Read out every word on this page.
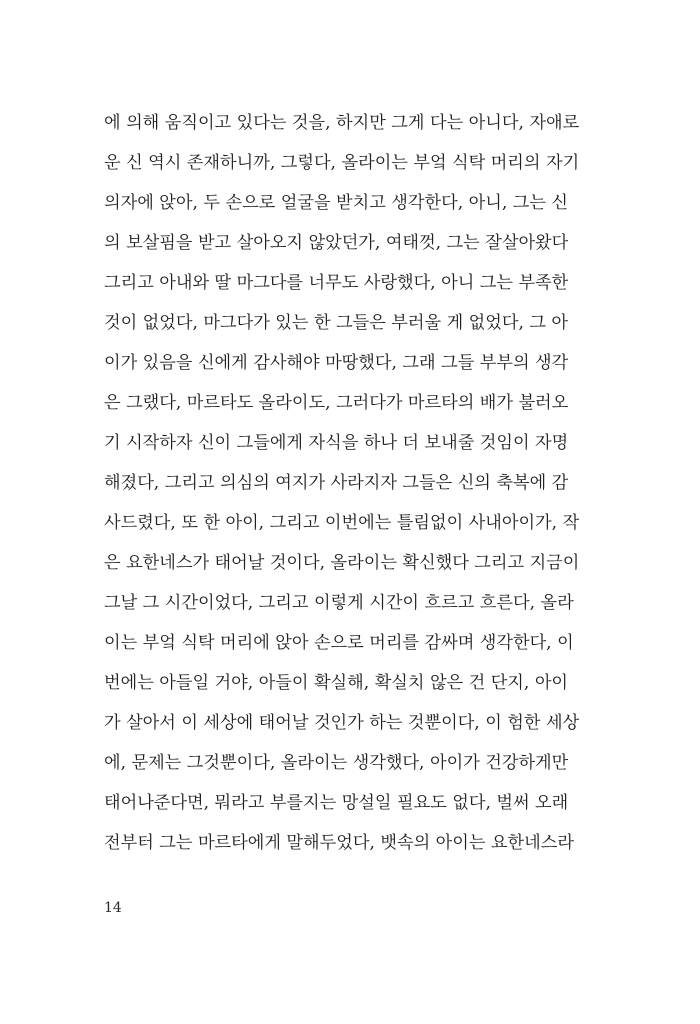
에 의해 움직이고 있다는 것을, 하지만 그게 다는 아니다, 자애로
운 신 역시 존재하니까, 그렇다, 올라이는 부엌 식탁 머리의 자기
의자에 앉아, 두 손으로 얼굴을 받치고 생각한다, 아니, 그는 신
의 보살핌을 받고 살아오지 않았던가, 여태껏, 그는 잘살아왔다
그리고 아내와 딸 마그다를 너무도 사랑했다, 아니 그는 부족한
것이 없었다, 마그다가 있는 한 그들은 부러울 게 없었다, 그 아
이가 있음을 신에게 감사해야 마땅했다, 그래 그들 부부의 생각
은 그랬다, 마르타도 올라이도, 그러다가 마르타의 배가 불러오
기 시작하자 신이 그들에게 자식을 하나 더 보내줄 것임이 자명
해졌다, 그리고 의심의 여지가 사라지자 그들은 신의 축복에 감
사드렸다, 또 한 아이, 그리고 이번에는 틀림없이 사내아이가, 작
은 요한네스가 태어날 것이다, 올라이는 확신했다 그리고 지금이
그날 그 시간이었다, 그리고 이렇게 시간이 흐르고 흐른다, 올라
이는 부엌 식탁 머리에 앉아 손으로 머리를 감싸며 생각한다, 이
번에는 아들일 거야, 아들이 확실해, 확실치 않은 건 단지, 아이
가 살아서 이 세상에 태어날 것인가 하는 것뿐이다, 이 험한 세상
에, 문제는 그것뿐이다, 올라이는 생각했다, 아이가 건강하게만
태어나준다면, 뭐라고 부를지는 망설일 필요도 없다, 벌써 오래
전부터 그는 마르타에게 말해두었다, 뱃속의 아이는 요한네스라
14
